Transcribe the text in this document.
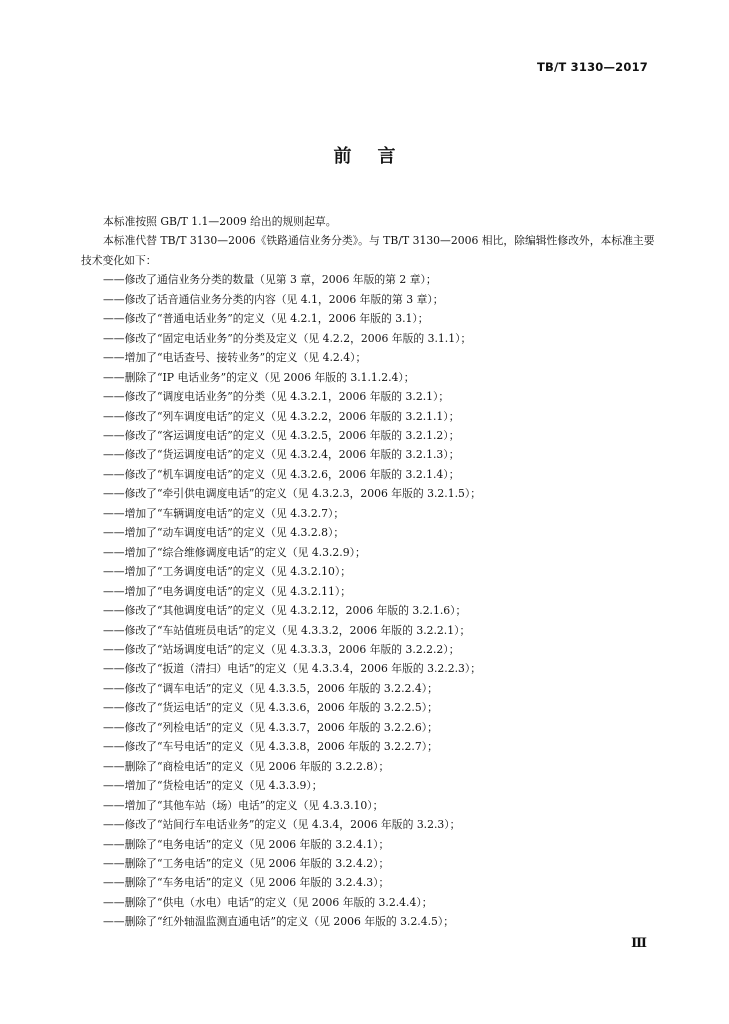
TB/T 3130—2017
前言
本标准按照 GB/T 1.1—2009 给出的规则起草。
本标准代替 TB/T 3130—2006《铁路通信业务分类》。与 TB/T 3130—2006 相比，除编辑性修改外，本标准主要技术变化如下：
——修改了通信业务分类的数量（见第 3 章，2006 年版的第 2 章）；
——修改了话音通信业务分类的内容（见 4.1，2006 年版的第 3 章）；
——修改了“普通电话业务”的定义（见 4.2.1，2006 年版的 3.1）；
——修改了“固定电话业务”的分类及定义（见 4.2.2，2006 年版的 3.1.1）；
——增加了“电话查号、接转业务”的定义（见 4.2.4）；
——删除了“IP 电话业务”的定义（见 2006 年版的 3.1.1.2.4）；
——修改了“调度电话业务”的分类（见 4.3.2.1，2006 年版的 3.2.1）；
——修改了“列车调度电话”的定义（见 4.3.2.2，2006 年版的 3.2.1.1）；
——修改了“客运调度电话”的定义（见 4.3.2.5，2006 年版的 3.2.1.2）；
——修改了“货运调度电话”的定义（见 4.3.2.4，2006 年版的 3.2.1.3）；
——修改了“机车调度电话”的定义（见 4.3.2.6，2006 年版的 3.2.1.4）；
——修改了“牵引供电调度电话”的定义（见 4.3.2.3，2006 年版的 3.2.1.5）；
——增加了“车辆调度电话”的定义（见 4.3.2.7）；
——增加了“动车调度电话”的定义（见 4.3.2.8）；
——增加了“综合维修调度电话”的定义（见 4.3.2.9）；
——增加了“工务调度电话”的定义（见 4.3.2.10）；
——增加了“电务调度电话”的定义（见 4.3.2.11）；
——修改了“其他调度电话”的定义（见 4.3.2.12，2006 年版的 3.2.1.6）；
——修改了“车站值班员电话”的定义（见 4.3.3.2，2006 年版的 3.2.2.1）；
——修改了“站场调度电话”的定义（见 4.3.3.3，2006 年版的 3.2.2.2）；
——修改了“扳道（清扫）电话”的定义（见 4.3.3.4，2006 年版的 3.2.2.3）；
——修改了“调车电话”的定义（见 4.3.3.5，2006 年版的 3.2.2.4）；
——修改了“货运电话”的定义（见 4.3.3.6，2006 年版的 3.2.2.5）；
——修改了“列检电话”的定义（见 4.3.3.7，2006 年版的 3.2.2.6）；
——修改了“车号电话”的定义（见 4.3.3.8，2006 年版的 3.2.2.7）；
——删除了“商检电话”的定义（见 2006 年版的 3.2.2.8）；
——增加了“货检电话”的定义（见 4.3.3.9）；
——增加了“其他车站（场）电话”的定义（见 4.3.3.10）；
——修改了“站间行车电话业务”的定义（见 4.3.4，2006 年版的 3.2.3）；
——删除了“电务电话”的定义（见 2006 年版的 3.2.4.1）；
——删除了“工务电话”的定义（见 2006 年版的 3.2.4.2）；
——删除了“车务电话”的定义（见 2006 年版的 3.2.4.3）；
——删除了“供电（水电）电话”的定义（见 2006 年版的 3.2.4.4）；
——删除了“红外轴温监测直通电话”的定义（见 2006 年版的 3.2.4.5）；
Ⅲ
